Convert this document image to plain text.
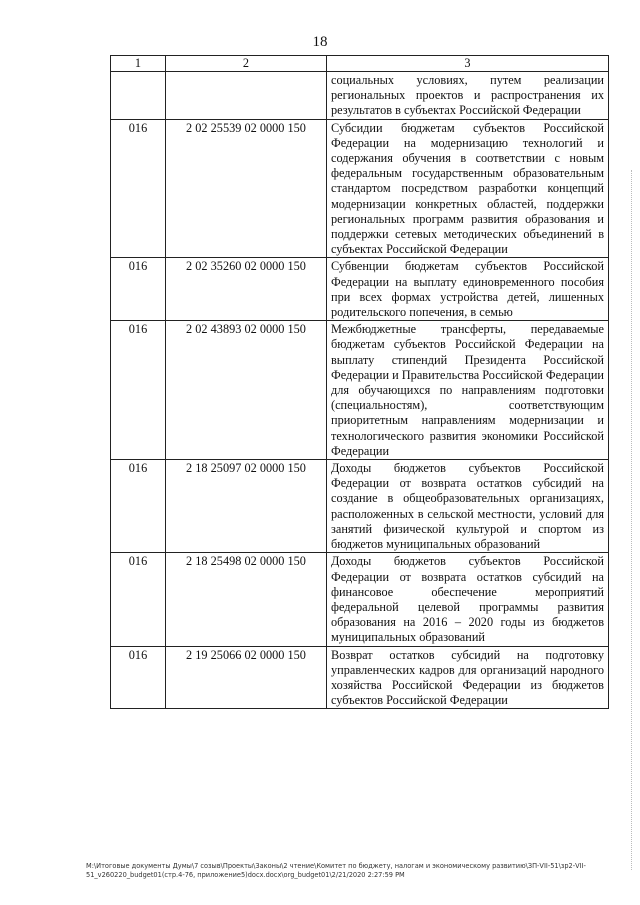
18
1	2	3
		социальных условиях, путем реализации региональных проектов и распространения их результатов в субъектах Российской Федерации
016	2 02 25539 02 0000 150	Субсидии бюджетам субъектов Российской Федерации на модернизацию технологий и содержания обучения в соответствии с новым федеральным государственным образовательным стандартом посредством разработки концепций модернизации конкретных областей, поддержки региональных программ развития образования и поддержки сетевых методических объединений в субъектах Российской Федерации
016	2 02 35260 02 0000 150	Субвенции бюджетам субъектов Российской Федерации на выплату единовременного пособия при всех формах устройства детей, лишенных родительского попечения, в семью
016	2 02 43893 02 0000 150	Межбюджетные трансферты, передаваемые бюджетам субъектов Российской Федерации на выплату стипендий Президента Российской Федерации и Правительства Российской Федерации для обучающихся по направлениям подготовки (специальностям), соответствующим приоритетным направлениям модернизации и технологического развития экономики Российской Федерации
016	2 18 25097 02 0000 150	Доходы бюджетов субъектов Российской Федерации от возврата остатков субсидий на создание в общеобразовательных организациях, расположенных в сельской местности, условий для занятий физической культурой и спортом из бюджетов муниципальных образований
016	2 18 25498 02 0000 150	Доходы бюджетов субъектов Российской Федерации от возврата остатков субсидий на финансовое обеспечение мероприятий федеральной целевой программы развития образования на 2016 – 2020 годы из бюджетов муниципальных образований
016	2 19 25066 02 0000 150	Возврат остатков субсидий на подготовку управленческих кадров для организаций народного хозяйства Российской Федерации из бюджетов субъектов Российской Федерации
М:\Итоговые документы Думы\7 созыв\Проекты\Законы\2 чтение\Комитет по бюджету, налогам и экономическому развитию\ЗП-VII-51\зр2-VII-51_v260220_budget01(стр.4-76, приложение5)docx.docx\org_budget01\2/21/2020 2:27:59 PM
